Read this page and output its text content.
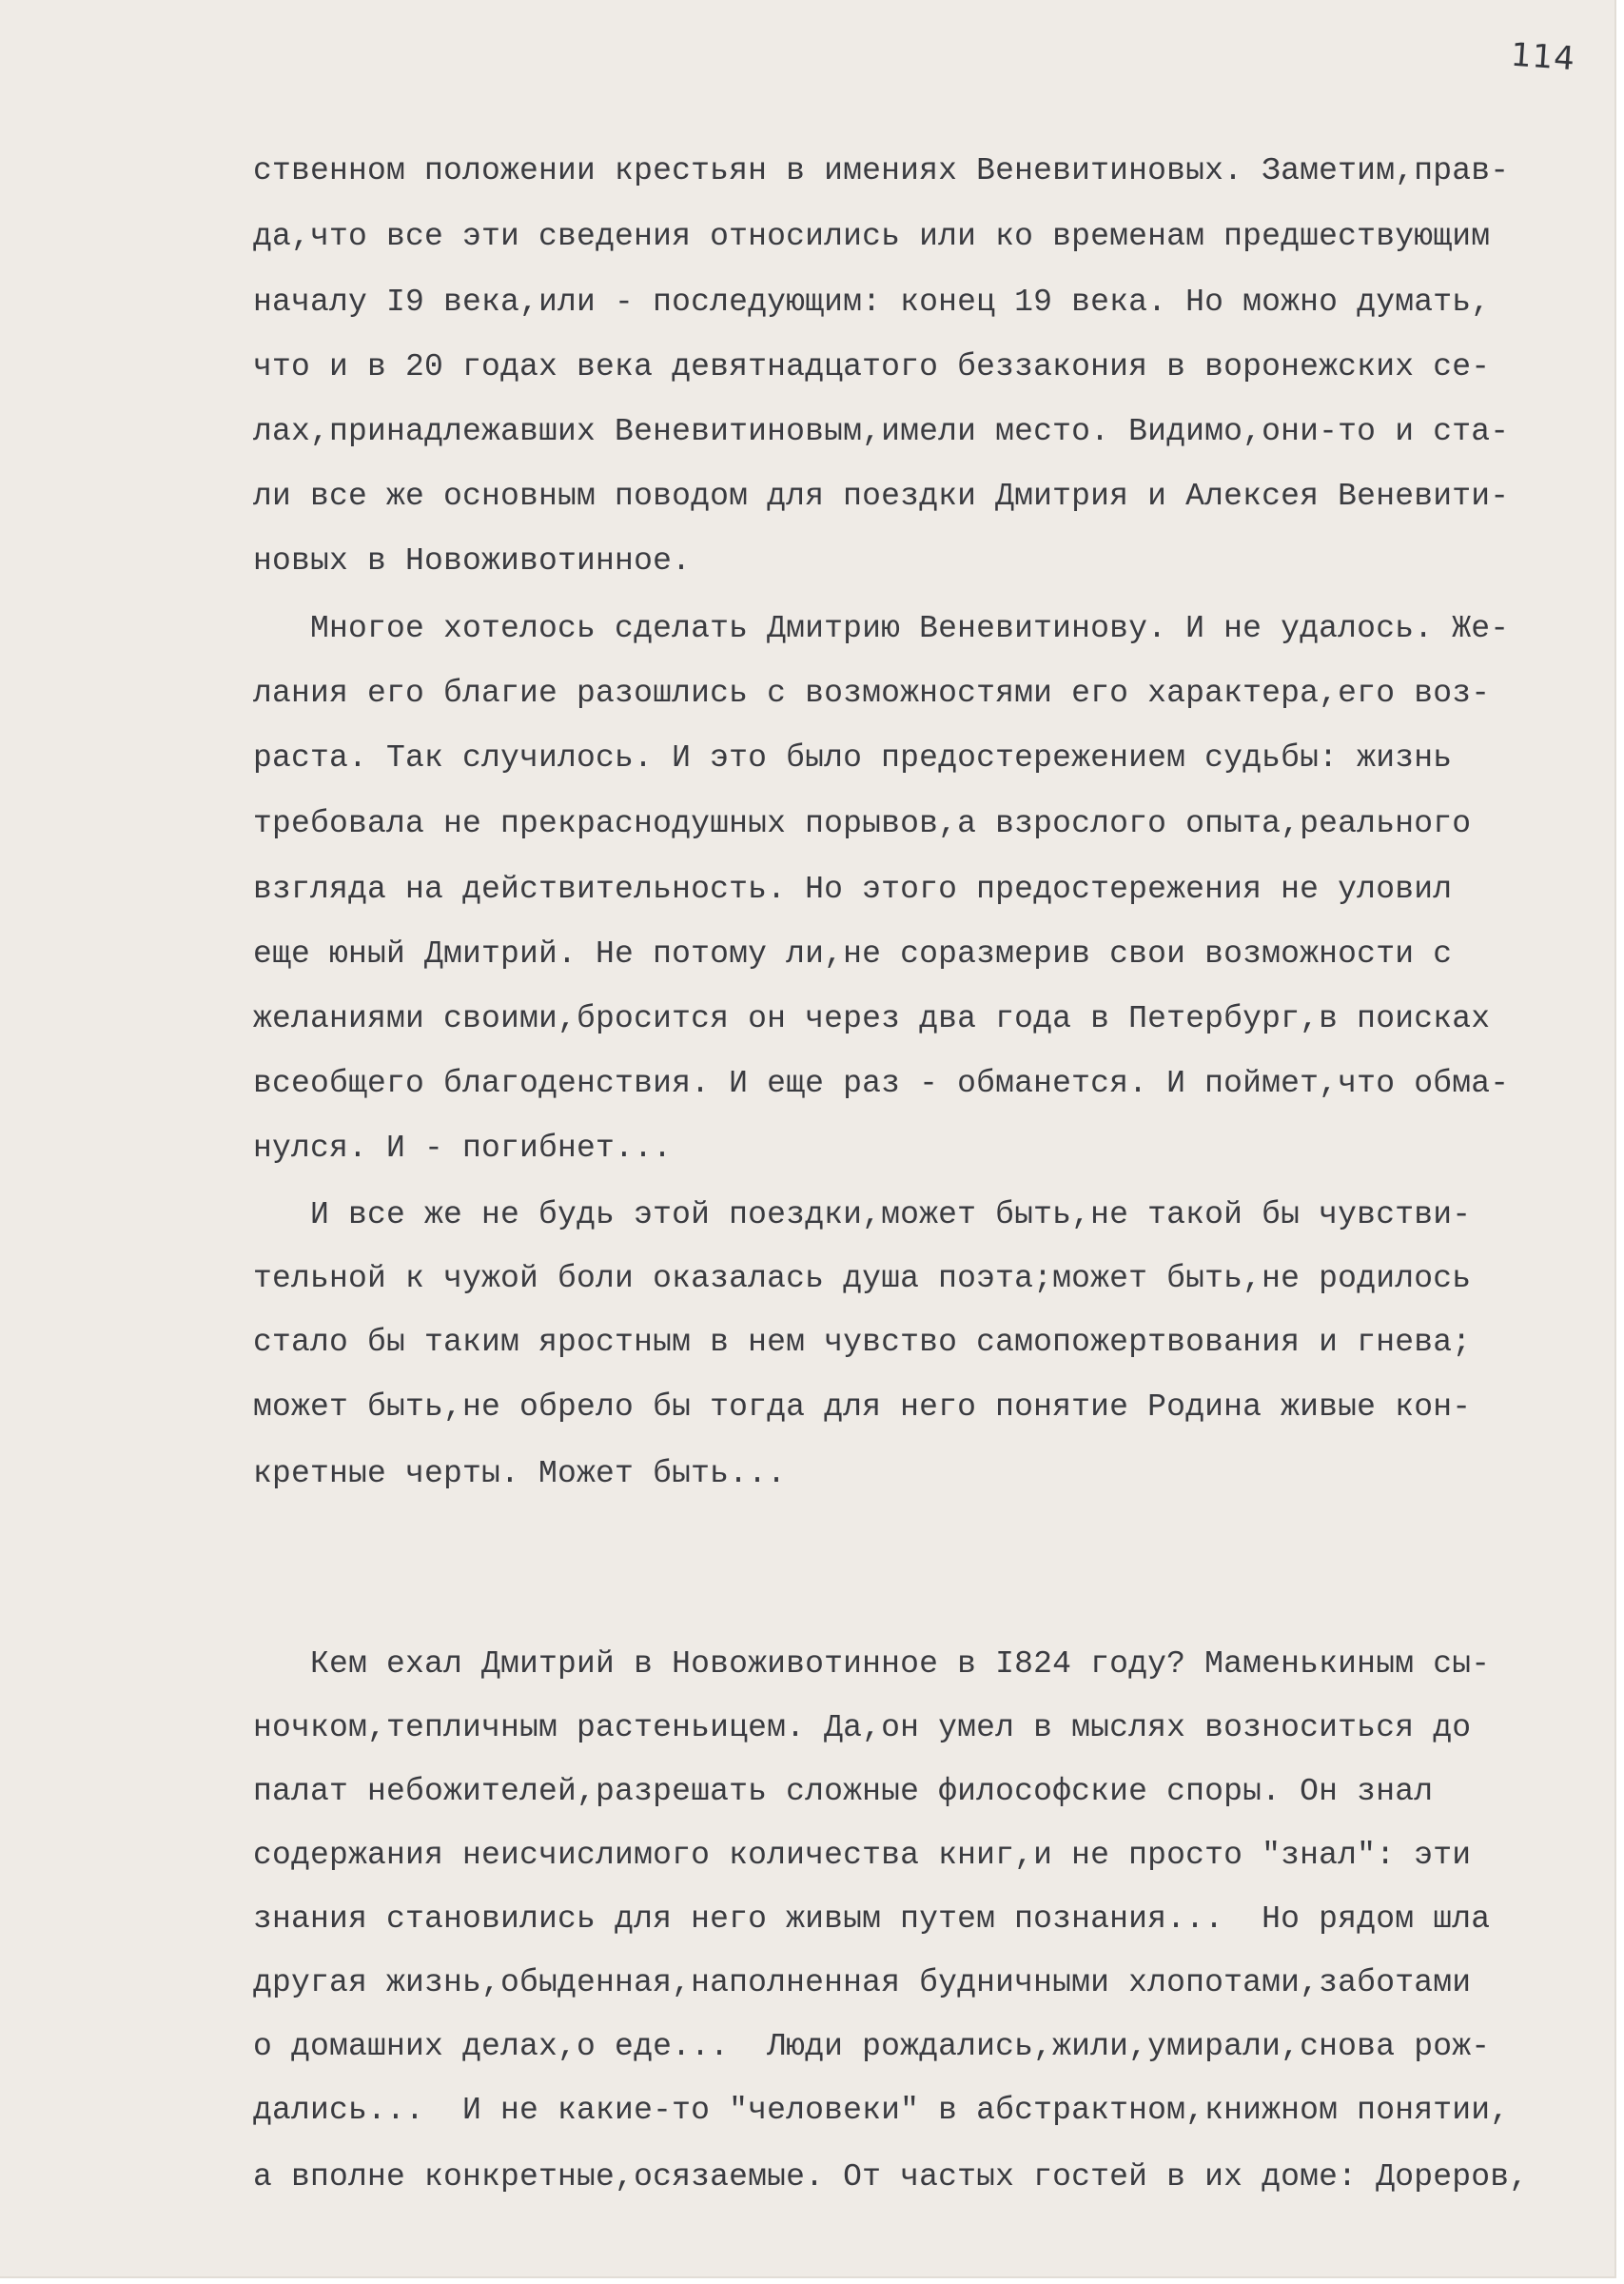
114

ственном положении крестьян в имениях Веневитиновых. Заметим,прав-

да,что все эти сведения относились или ко временам предшествующим

началу I9 века,или - последующим: конец 19 века. Но можно думать,

что и в 20 годах века девятнадцатого беззакония в воронежских се-

лах,принадлежавших Веневитиновым,имели место. Видимо,они-то и ста-

ли все же основным поводом для поездки Дмитрия и Алексея Веневити-

новых в Новоживотинное.

Многое хотелось сделать Дмитрию Веневитинову. И не удалось. Же-

лания его благие разошлись с возможностями его характера,его воз-

раста. Так случилось. И это было предостережением судьбы: жизнь

требовала не прекраснодушных порывов,а взрослого опыта,реального

взгляда на действительность. Но этого предостережения не уловил

еще юный Дмитрий. Не потому ли,не соразмерив свои возможности с

желаниями своими,бросится он через два года в Петербург,в поисках

всеобщего благоденствия. И еще раз - обманется. И поймет,что обма-

нулся. И - погибнет...

И все же не будь этой поездки,может быть,не такой бы чувстви-

тельной к чужой боли оказалась душа поэта;может быть,не родилось

стало бы таким яростным в нем чувство самопожертвования и гнева;

может быть,не обрело бы тогда для него понятие Родина живые кон-

кретные черты. Может быть...

Кем ехал Дмитрий в Новоживотинное в I824 году? Маменькиным сы-

ночком,тепличным растеньицем. Да,он умел в мыслях возноситься до

палат небожителей,разрешать сложные философские споры. Он знал

содержания неисчислимого количества книг,и не просто "знал": эти

знания становились для него живым путем познания...  Но рядом шла

другая жизнь,обыденная,наполненная будничными хлопотами,заботами

о домашних делах,о еде...  Люди рождались,жили,умирали,снова рож-

дались...  И не какие-то "человеки" в абстрактном,книжном понятии,

а вполне конкретные,осязаемые. От частых гостей в их доме: Дореров,
